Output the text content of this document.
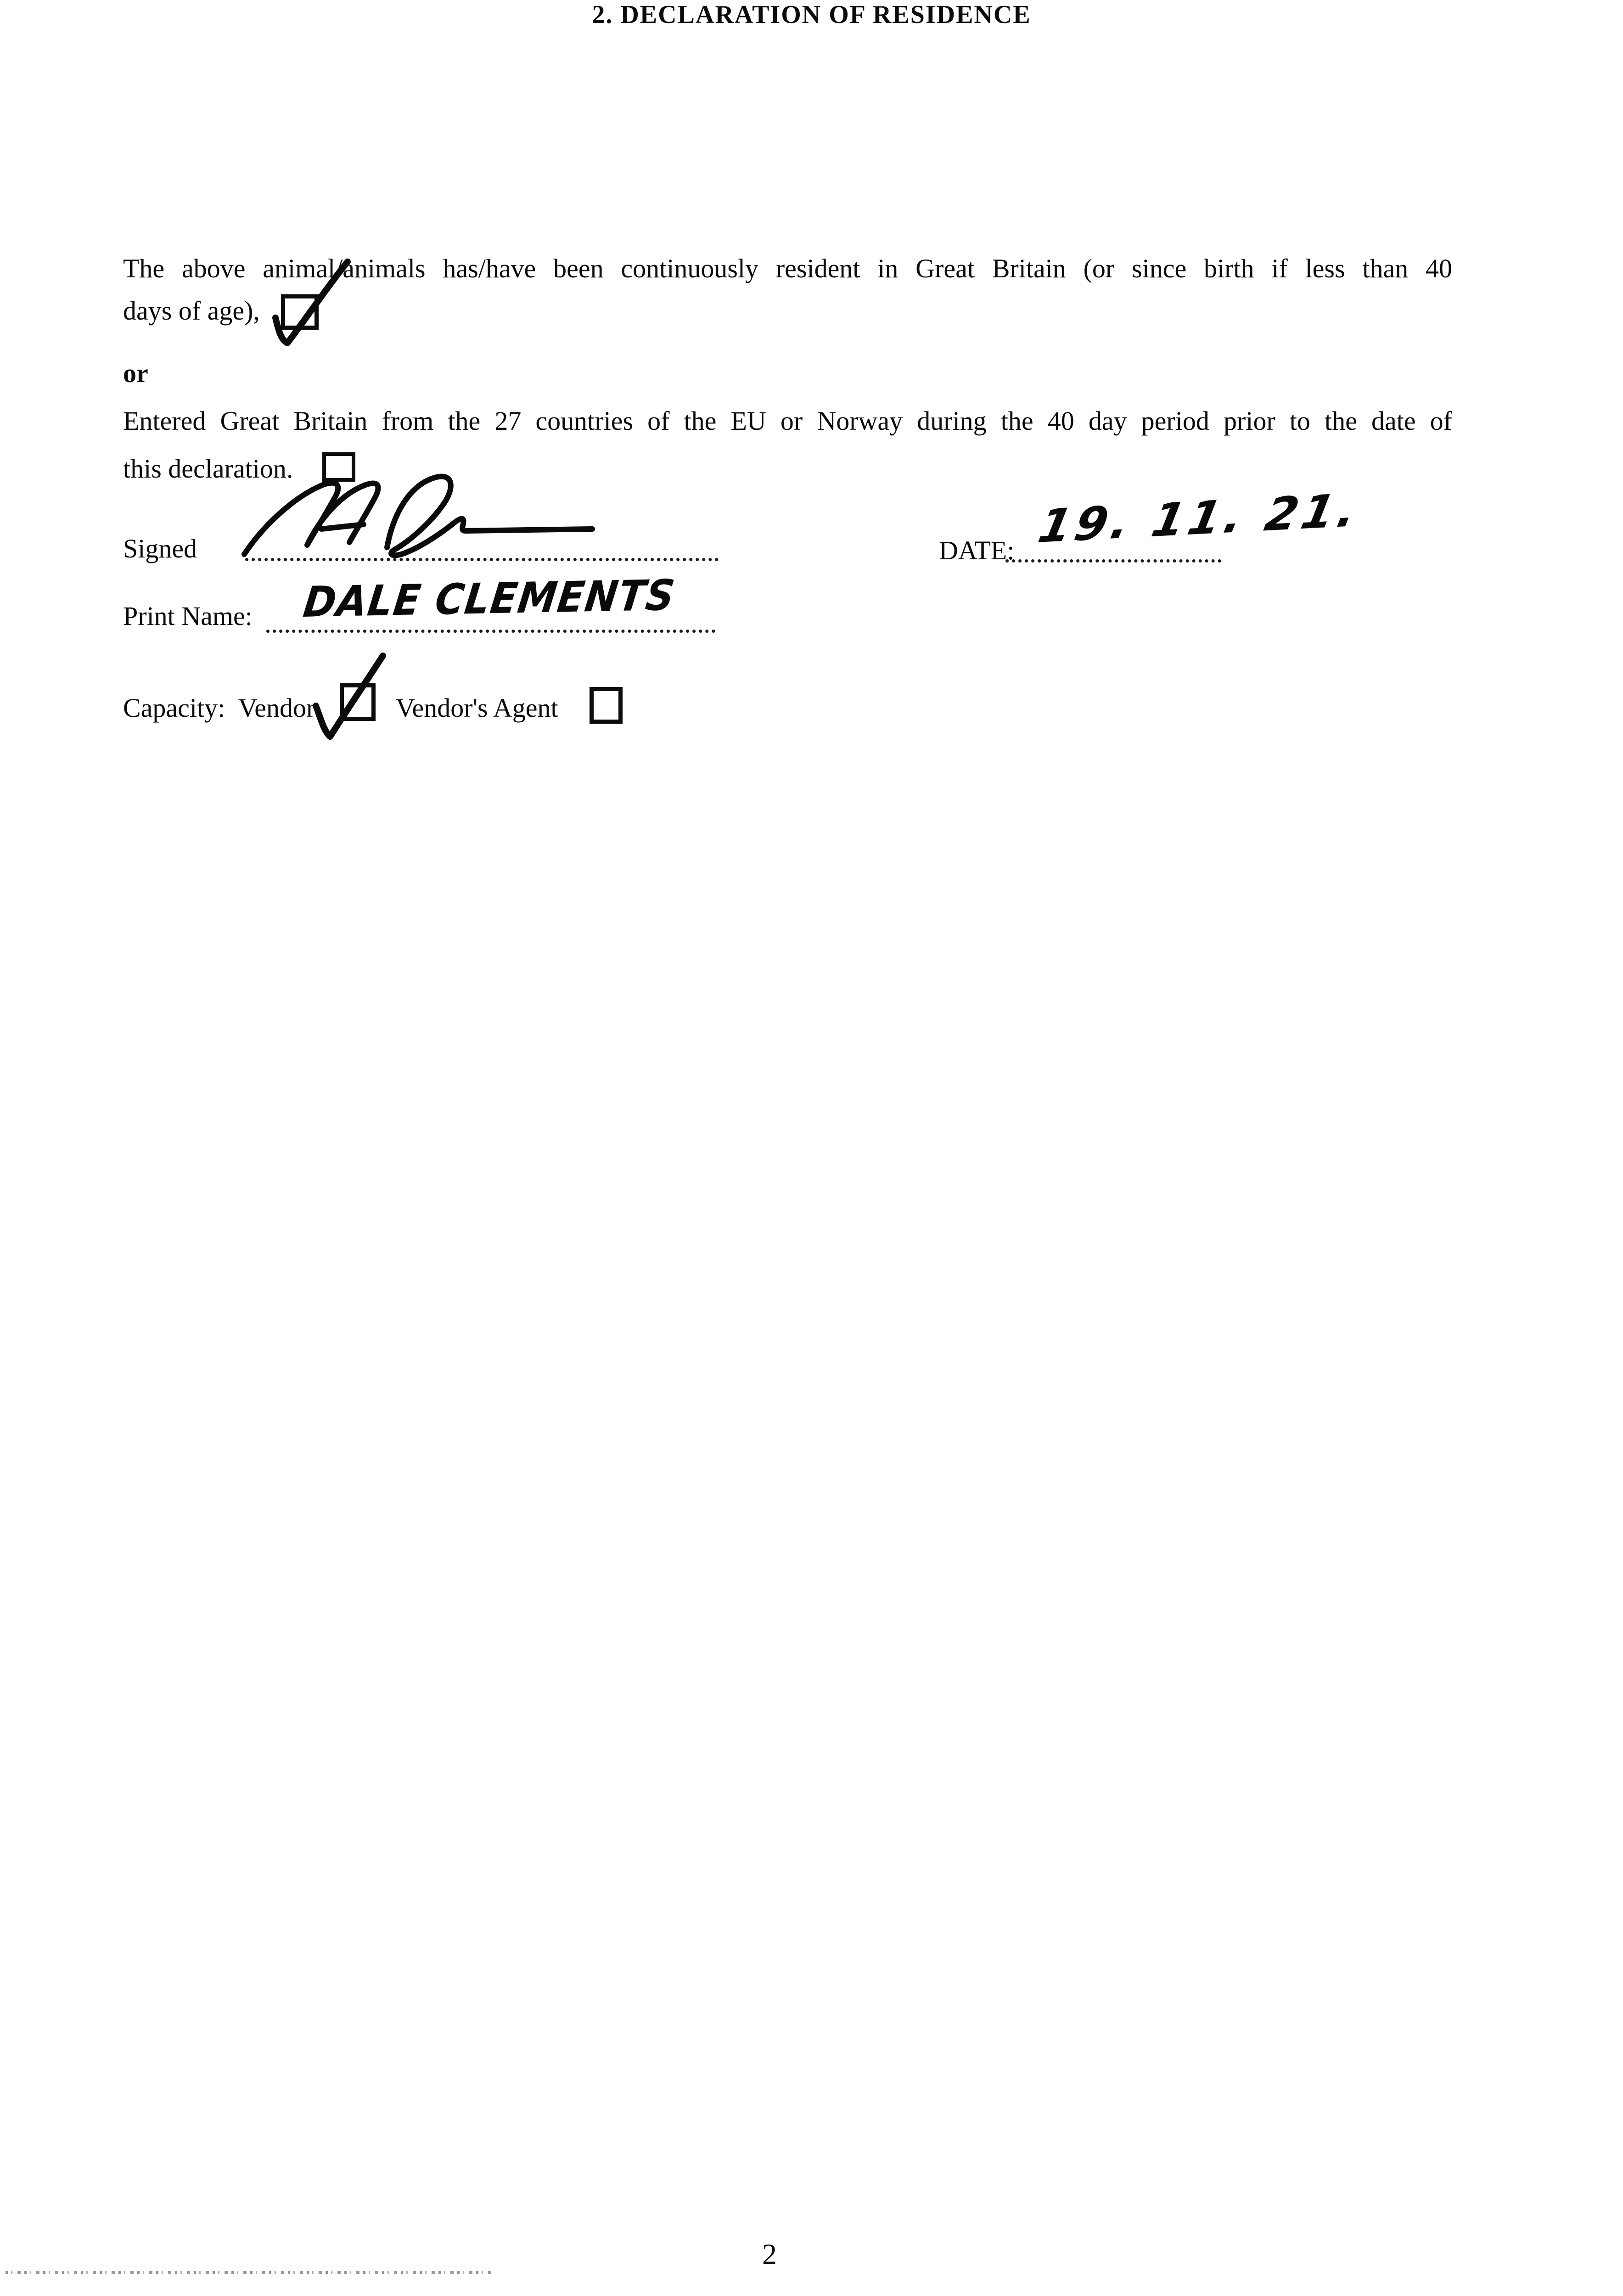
2. DECLARATION OF RESIDENCE
The above animal/animals has/have been continuously resident in Great Britain (or since birth if less than 40
days of age),
or
Entered Great Britain from the 27 countries of the EU or Norway during the 40 day period prior to the date of
this declaration.
Signed	DATE: 19. 11. 21.
Print Name: DALE CLEMENTS
Capacity: Vendor	Vendor's Agent
2
